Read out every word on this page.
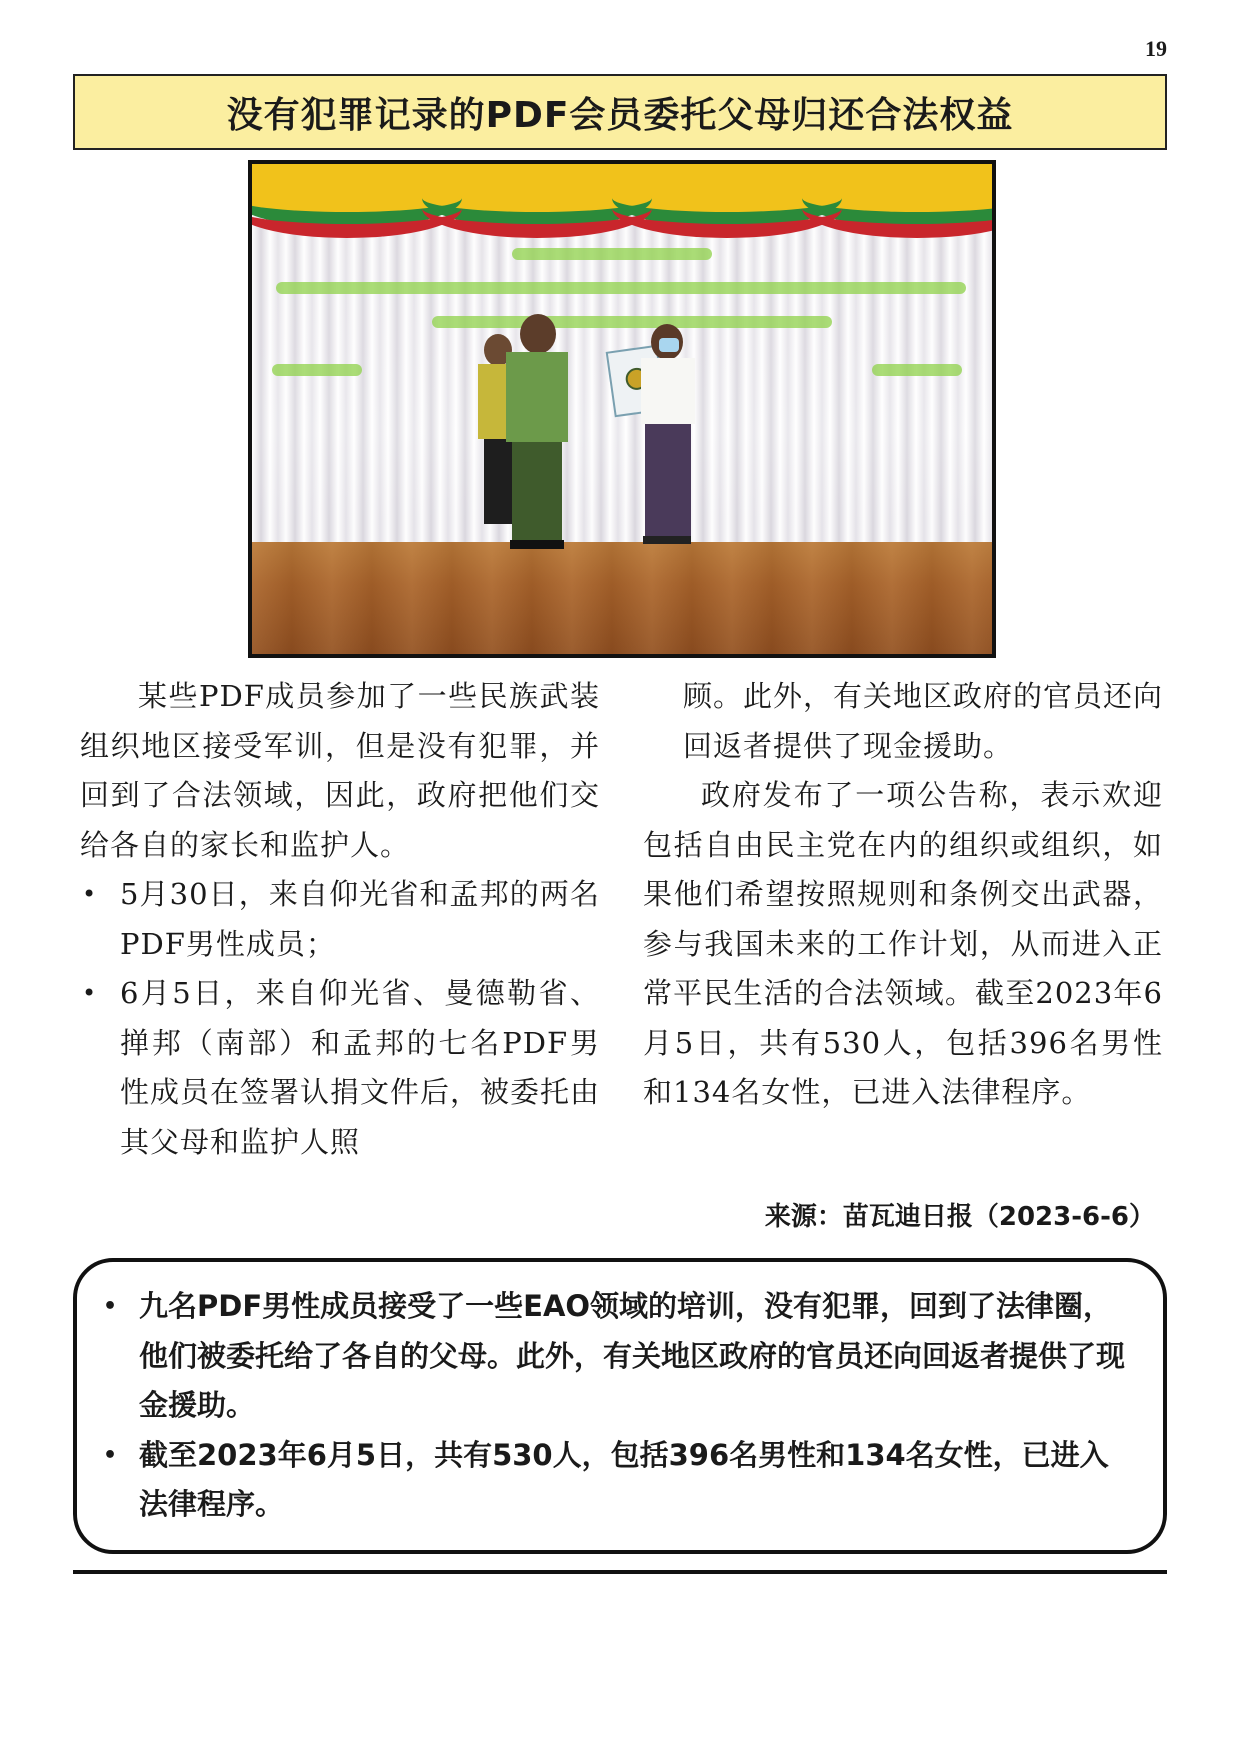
19
没有犯罪记录的PDF会员委托父母归还合法权益

某些PDF成员参加了一些民族武装组织地区接受军训，但是没有犯罪，并回到了合法领域，因此，政府把他们交给各自的家长和监护人。

• 5月30日，来自仰光省和孟邦的两名PDF男性成员；
• 6月5日，来自仰光省、曼德勒省、掸邦（南部）和孟邦的七名PDF男性成员在签署认捐文件后，被委托由其父母和监护人照

顾。此外，有关地区政府的官员还向回返者提供了现金援助。

政府发布了一项公告称，表示欢迎包括自由民主党在内的组织或组织，如果他们希望按照规则和条例交出武器，参与我国未来的工作计划，从而进入正常平民生活的合法领域。截至2023年6月5日，共有530人，包括396名男性和134名女性，已进入法律程序。

来源：苗瓦迪日报（2023-6-6）
• 九名PDF男性成员接受了一些EAO领域的培训，没有犯罪，回到了法律圈，他们被委托给了各自的父母。此外，有关地区政府的官员还向回返者提供了现金援助。
• 截至2023年6月5日，共有530人，包括396名男性和134名女性，已进入法律程序。
